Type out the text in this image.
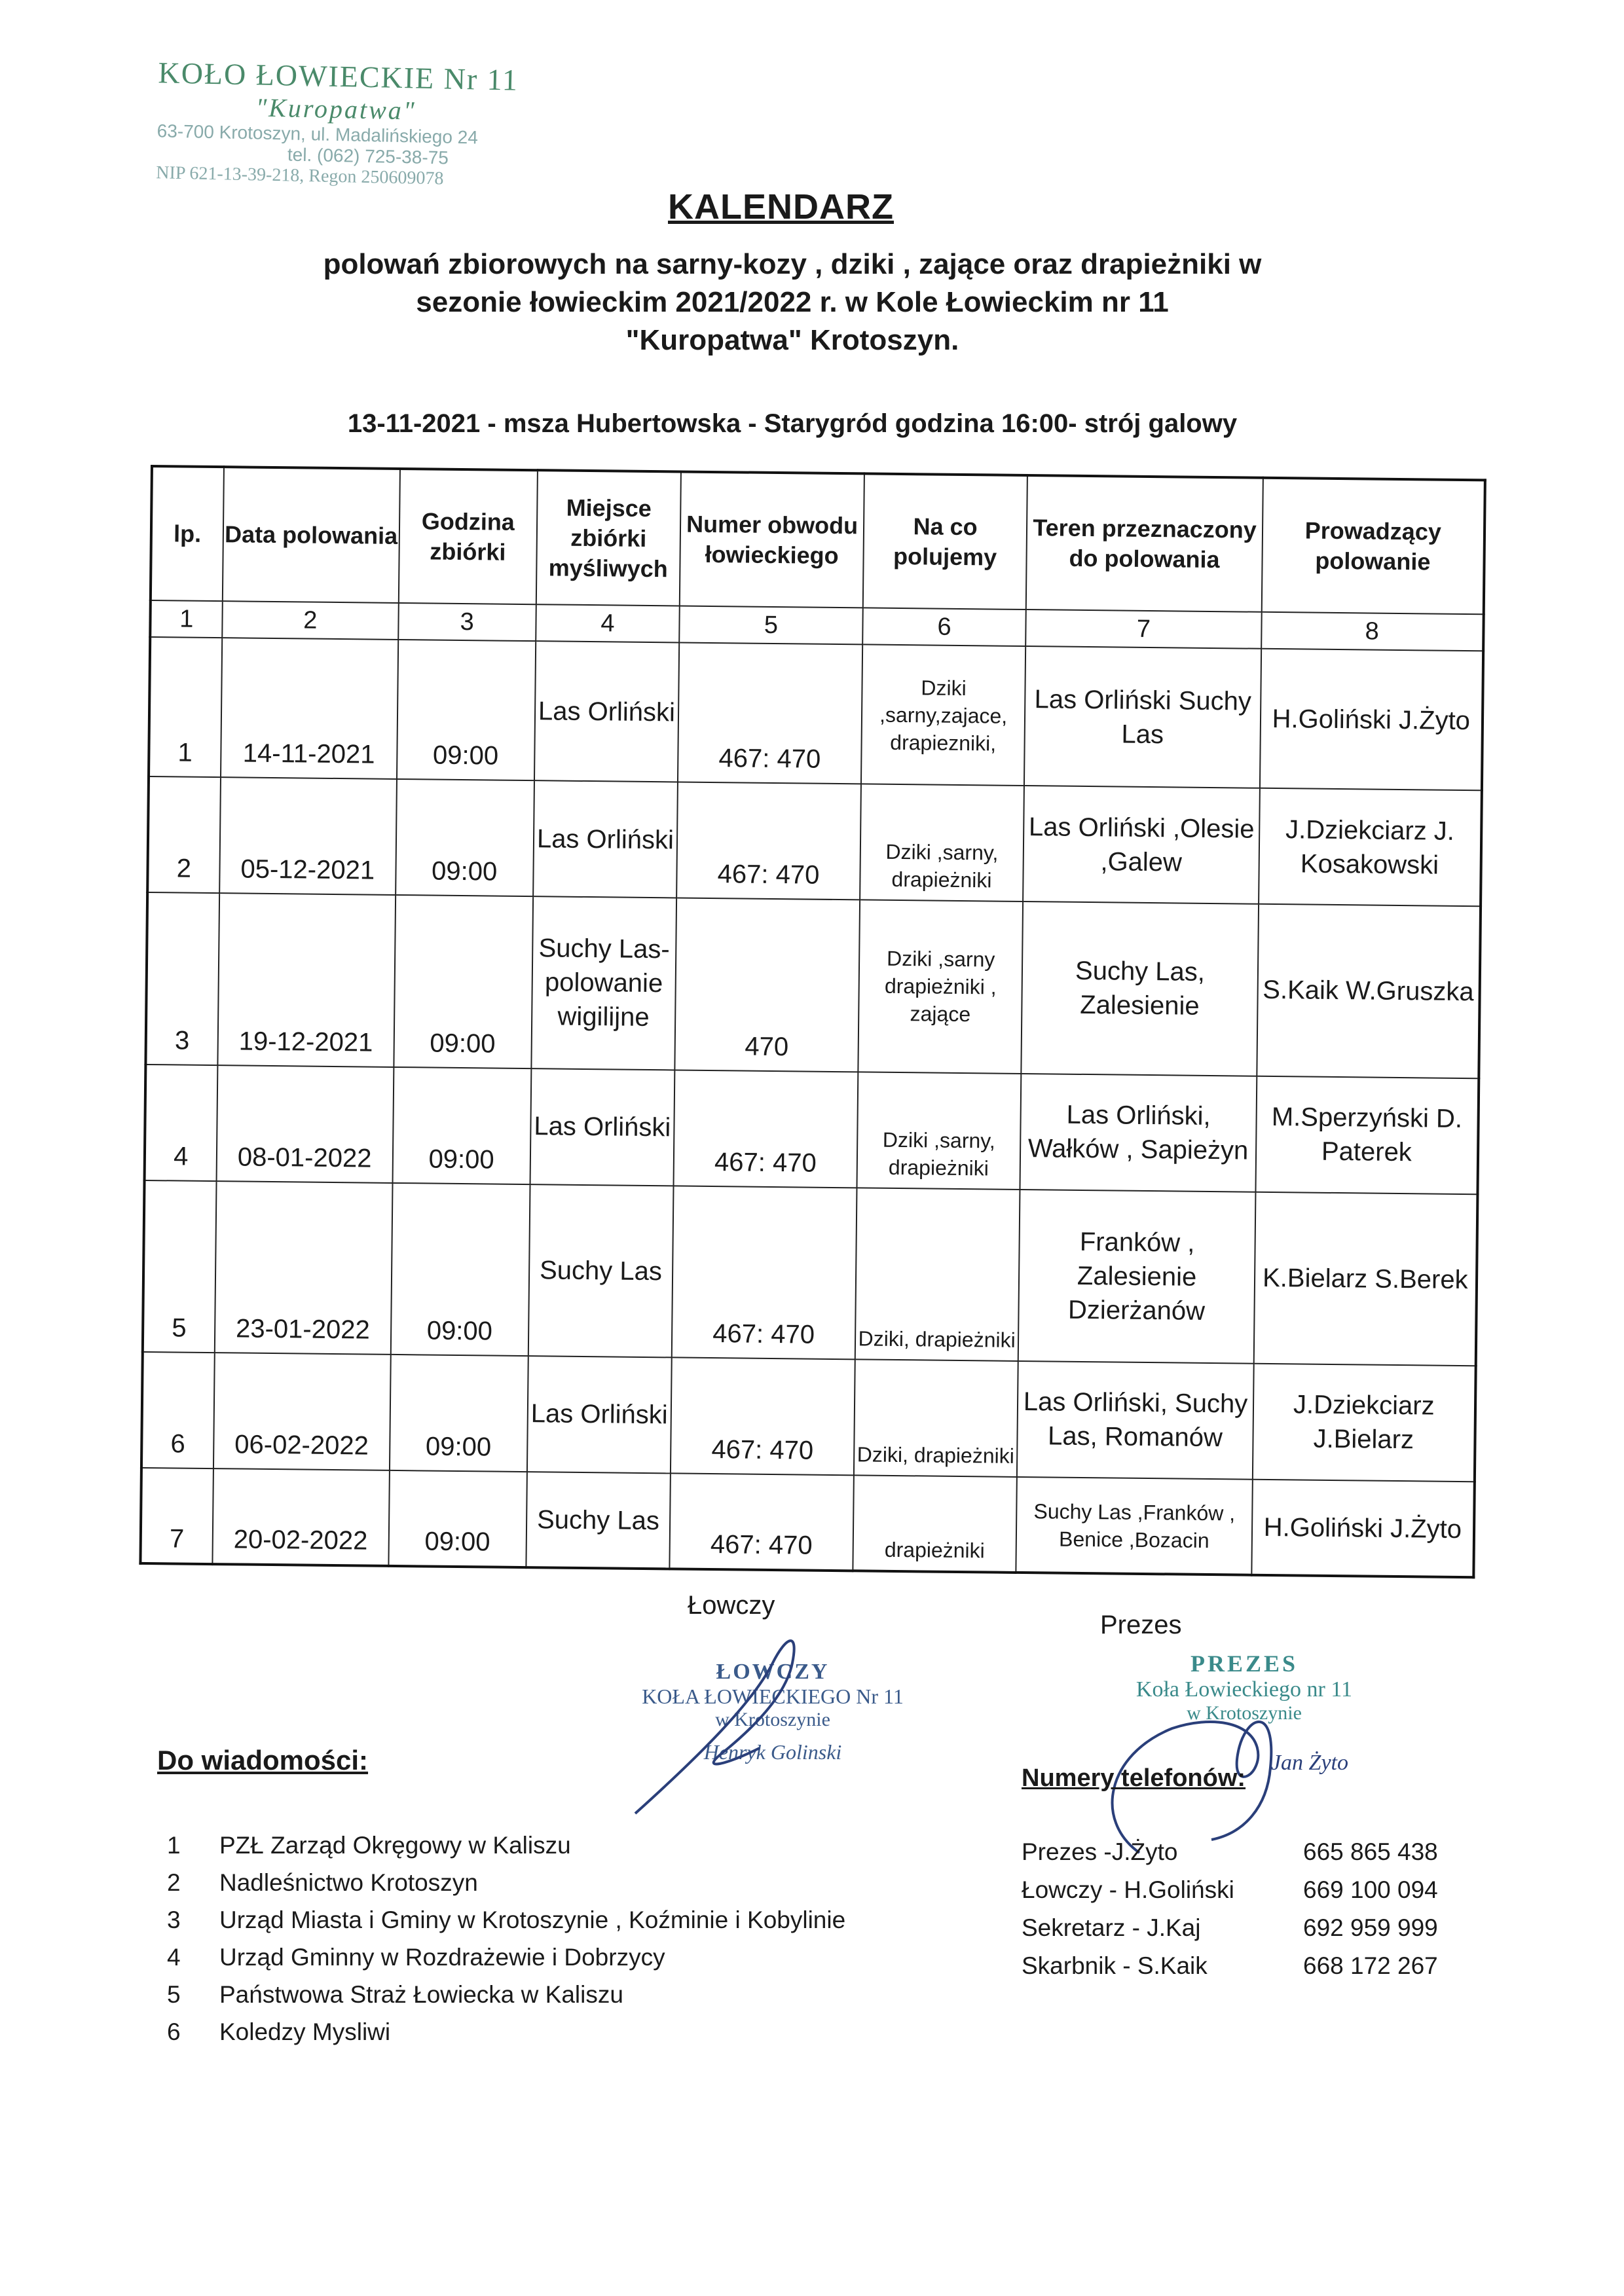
KOŁO ŁOWIECKIE Nr 11
"Kuropatwa"
63-700 Krotoszyn, ul. Madalińskiego 24
tel. (062) 725-38-75
NIP 621-13-39-218, Regon 250609078
KALENDARZ
polowań zbiorowych na sarny-kozy , dziki , zające oraz drapieżniki w
sezonie łowieckim 2021/2022 r. w Kole Łowieckim nr 11
"Kuropatwa" Krotoszyn.
13-11-2021 - msza Hubertowska - Starygród godzina 16:00- strój galowy
lp.	Data polowania	Godzina zbiórki	Miejsce zbiórki myśliwych	Numer obwodu łowieckiego	Na co polujemy	Teren przeznaczony do polowania	Prowadzący polowanie
1	2	3	4	5	6	7	8
1	14-11-2021	09:00	Las Orliński	467: 470	Dziki ,sarny,zajace, drapiezniki,	Las Orliński Suchy Las	H.Goliński J.Żyto
2	05-12-2021	09:00	Las Orliński	467: 470	Dziki ,sarny, drapieżniki	Las Orliński ,Olesie ,Galew	J.Dziekciarz J. Kosakowski
3	19-12-2021	09:00	Suchy Las- polowanie wigilijne	470	Dziki ,sarny drapieżniki , zające	Suchy Las, Zalesienie	S.Kaik W.Gruszka
4	08-01-2022	09:00	Las Orliński	467: 470	Dziki ,sarny, drapieżniki	Las Orliński, Wałków , Sapieżyn	M.Sperzyński D. Paterek
5	23-01-2022	09:00	Suchy Las	467: 470	Dziki, drapieżniki	Franków , Zalesienie Dzierżanów	K.Bielarz S.Berek
6	06-02-2022	09:00	Las Orliński	467: 470	Dziki, drapieżniki	Las Orliński, Suchy Las, Romanów	J.Dziekciarz J.Bielarz
7	20-02-2022	09:00	Suchy Las	467: 470	drapieżniki	Suchy Las ,Franków , Benice ,Bozacin	H.Goliński J.Żyto
Łowczy
Prezes
ŁOWCZY
KOŁA ŁOWIECKIEGO Nr 11
w Krotoszynie
Henryk Golinski
PREZES
Koła Łowieckiego nr 11
w Krotoszynie
Jan Żyto
Do wiadomości:
1	PZŁ Zarząd Okręgowy w Kaliszu
2	Nadleśnictwo Krotoszyn
3	Urząd Miasta i Gminy w Krotoszynie , Koźminie i Kobylinie
4	Urząd Gminny w Rozdrażewie i Dobrzycy
5	Państwowa Straż Łowiecka w Kaliszu
6	Koledzy Mysliwi
Numery telefonów:
Prezes -J.Żyto	665 865 438
Łowczy - H.Goliński	669 100 094
Sekretarz - J.Kaj	692 959 999
Skarbnik - S.Kaik	668 172 267
